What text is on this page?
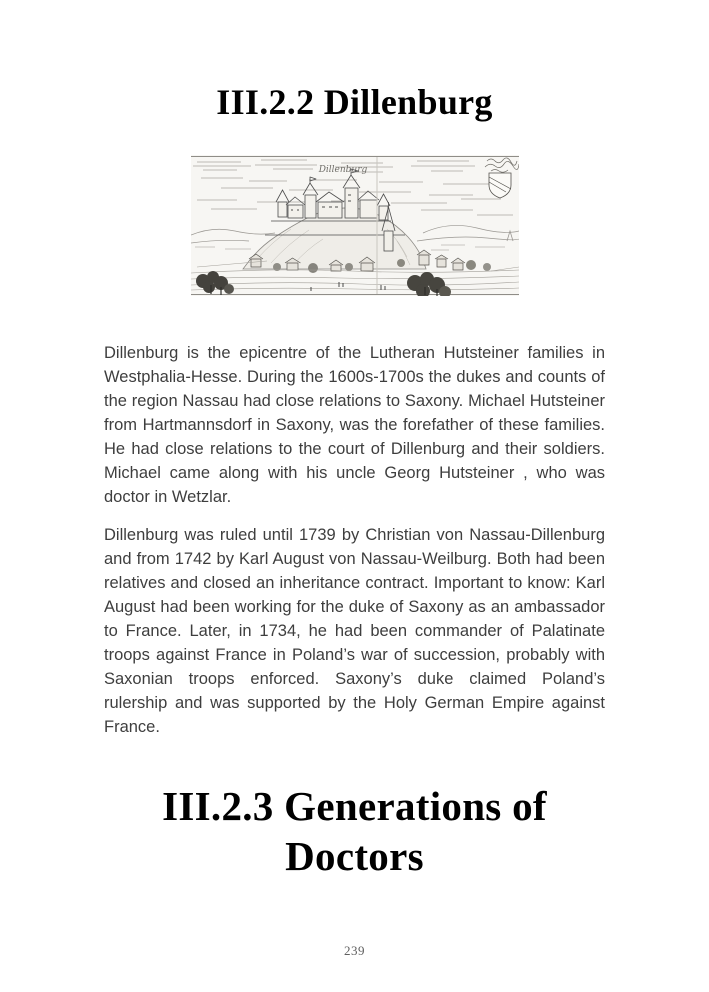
III.2.2 Dillenburg
Dillenburg

Dillenburg is the epicentre of the Lutheran Hutsteiner families in Westphalia-Hesse. During the 1600s-1700s the dukes and counts of the region Nassau had close relations to Saxony. Michael Hutsteiner from Hartmannsdorf in Saxony, was the forefather of these families. He had close relations to the court of Dillenburg and their soldiers. Michael came along with his uncle Georg Hutsteiner , who was doctor in Wetzlar.

Dillenburg was ruled until 1739 by Christian von Nassau-Dillenburg and from 1742 by Karl August von Nassau-Weilburg. Both had been relatives and closed an inheritance contract. Important to know: Karl August had been working for the duke of Saxony as an ambassador to France. Later, in 1734, he had been commander of Palatinate troops against France in Poland’s war of succession, probably with Saxonian troops enforced. Saxony’s duke claimed Poland’s rulership and was supported by the Holy German Empire against France.

III.2.3 Generations of Doctors
239
